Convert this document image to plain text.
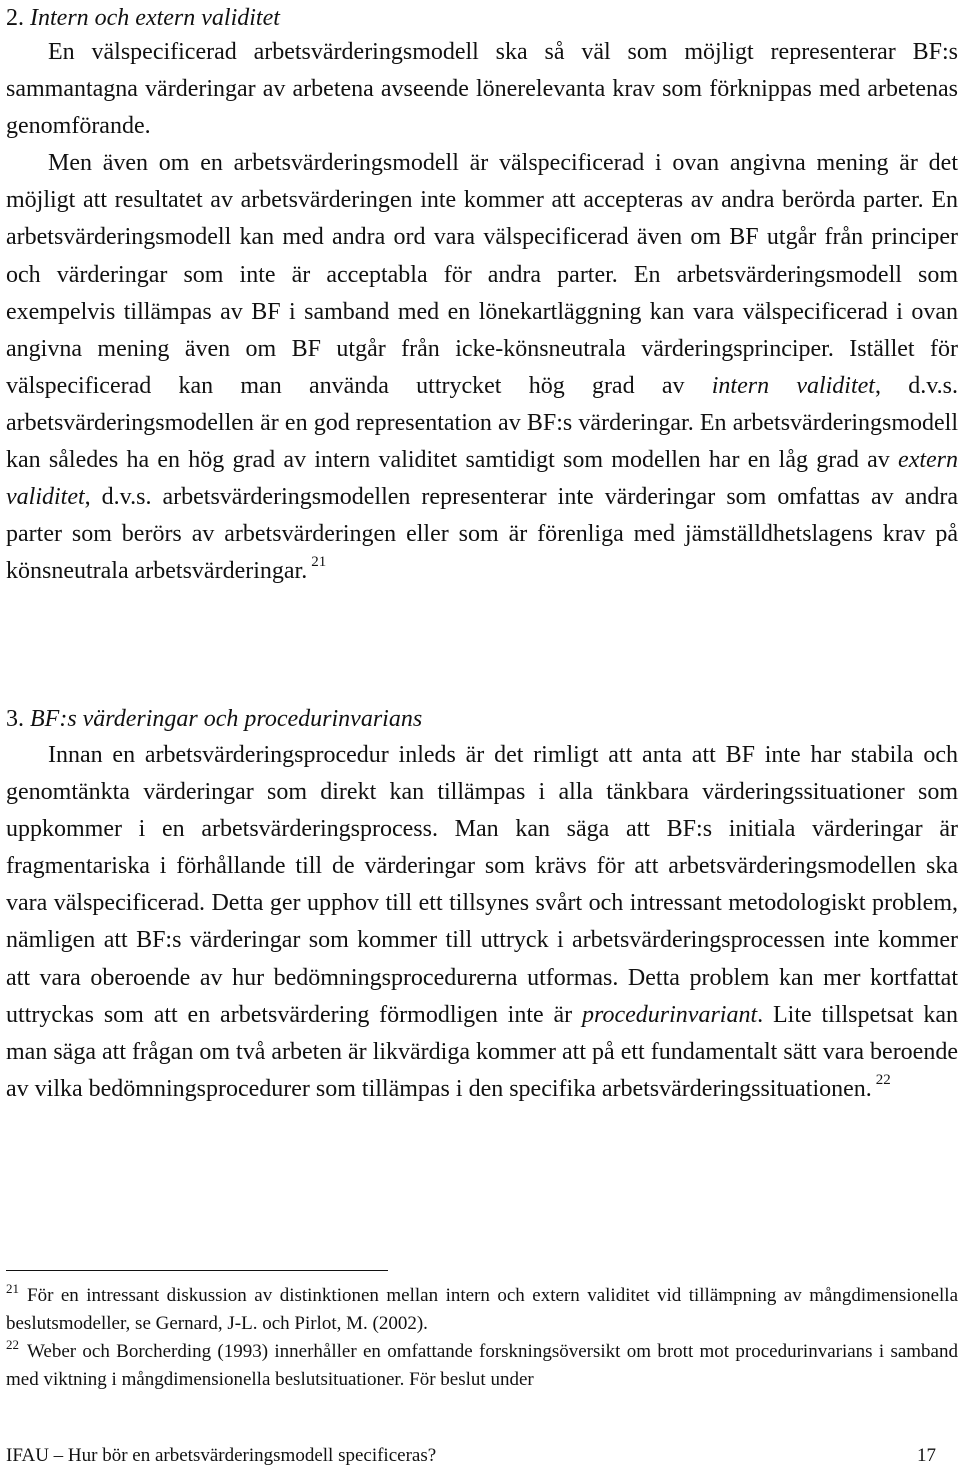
2. Intern och extern validitet

En välspecificerad arbetsvärderingsmodell ska så väl som möjligt representerar BF:s sammantagna värderingar av arbetena avseende lönerelevanta krav som förknippas med arbetenas genomförande.

Men även om en arbetsvärderingsmodell är välspecificerad i ovan angivna mening är det möjligt att resultatet av arbetsvärderingen inte kommer att accepteras av andra berörda parter. En arbetsvärderingsmodell kan med andra ord vara välspecificerad även om BF utgår från principer och värderingar som inte är acceptabla för andra parter. En arbetsvärderingsmodell som exempelvis tillämpas av BF i samband med en lönekartläggning kan vara välspecificerad i ovan angivna mening även om BF utgår från icke-könsneutrala värderingsprinciper. Istället för välspecificerad kan man använda uttrycket hög grad av intern validitet, d.v.s. arbetsvärderingsmodellen är en god representation av BF:s värderingar. En arbetsvärderingsmodell kan således ha en hög grad av intern validitet samtidigt som modellen har en låg grad av extern validitet, d.v.s. arbetsvärderingsmodellen representerar inte värderingar som omfattas av andra parter som berörs av arbetsvärderingen eller som är förenliga med jämställdhetslagens krav på könsneutrala arbetsvärderingar. $^{21}$

3. BF:s värderingar och procedurinvarians

Innan en arbetsvärderingsprocedur inleds är det rimligt att anta att BF inte har stabila och genomtänkta värderingar som direkt kan tillämpas i alla tänkbara värderingssituationer som uppkommer i en arbetsvärderingsprocess. Man kan säga att BF:s initiala värderingar är fragmentariska i förhållande till de värderingar som krävs för att arbetsvärderingsmodellen ska vara välspecificerad. Detta ger upphov till ett tillsynes svårt och intressant metodologiskt problem, nämligen att BF:s värderingar som kommer till uttryck i arbetsvärderingsprocessen inte kommer att vara oberoende av hur bedömningsprocedurerna utformas. Detta problem kan mer kortfattat uttryckas som att en arbetsvärdering förmodligen inte är procedurinvariant. Lite tillspetsat kan man säga att frågan om två arbeten är likvärdiga kommer att på ett fundamentalt sätt vara beroende av vilka bedömningsprocedurer som tillämpas i den specifika arbetsvärderingssituationen. $^{22}$

$^{21}$ För en intressant diskussion av distinktionen mellan intern och extern validitet vid tillämpning av mångdimensionella beslutsmodeller, se Gernard, J-L. och Pirlot, M. (2002).

$^{22}$ Weber och Borcherding (1993) innerhåller en omfattande forskningsöversikt om brott mot procedurinvarians i samband med viktning i mångdimensionella beslutsituationer. För beslut under

IFAU – Hur bör en arbetsvärderingsmodell specificeras?	17
